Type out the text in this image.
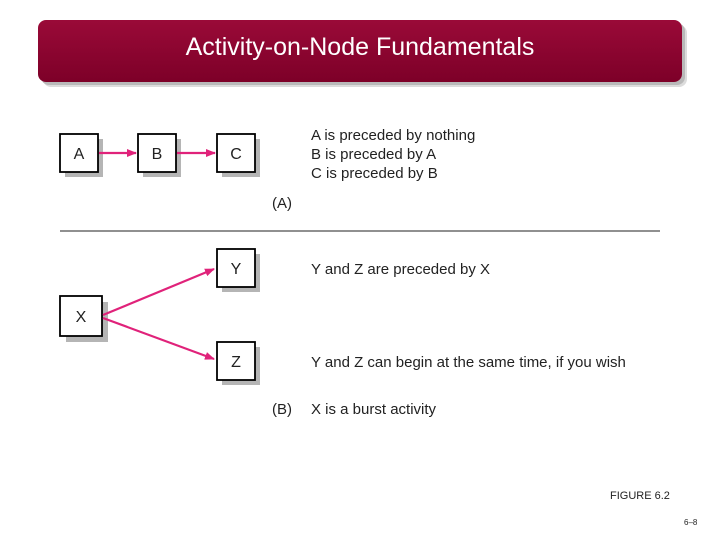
Activity-on-Node Fundamentals
A	B	C
A is preceded by nothing
B is preceded by A
C is preceded by B
(A)
X
Y
Z
Y and Z are preceded by X
Y and Z can begin at the same time, if you wish
(B) X is a burst activity
FIGURE 6.2
6–8
